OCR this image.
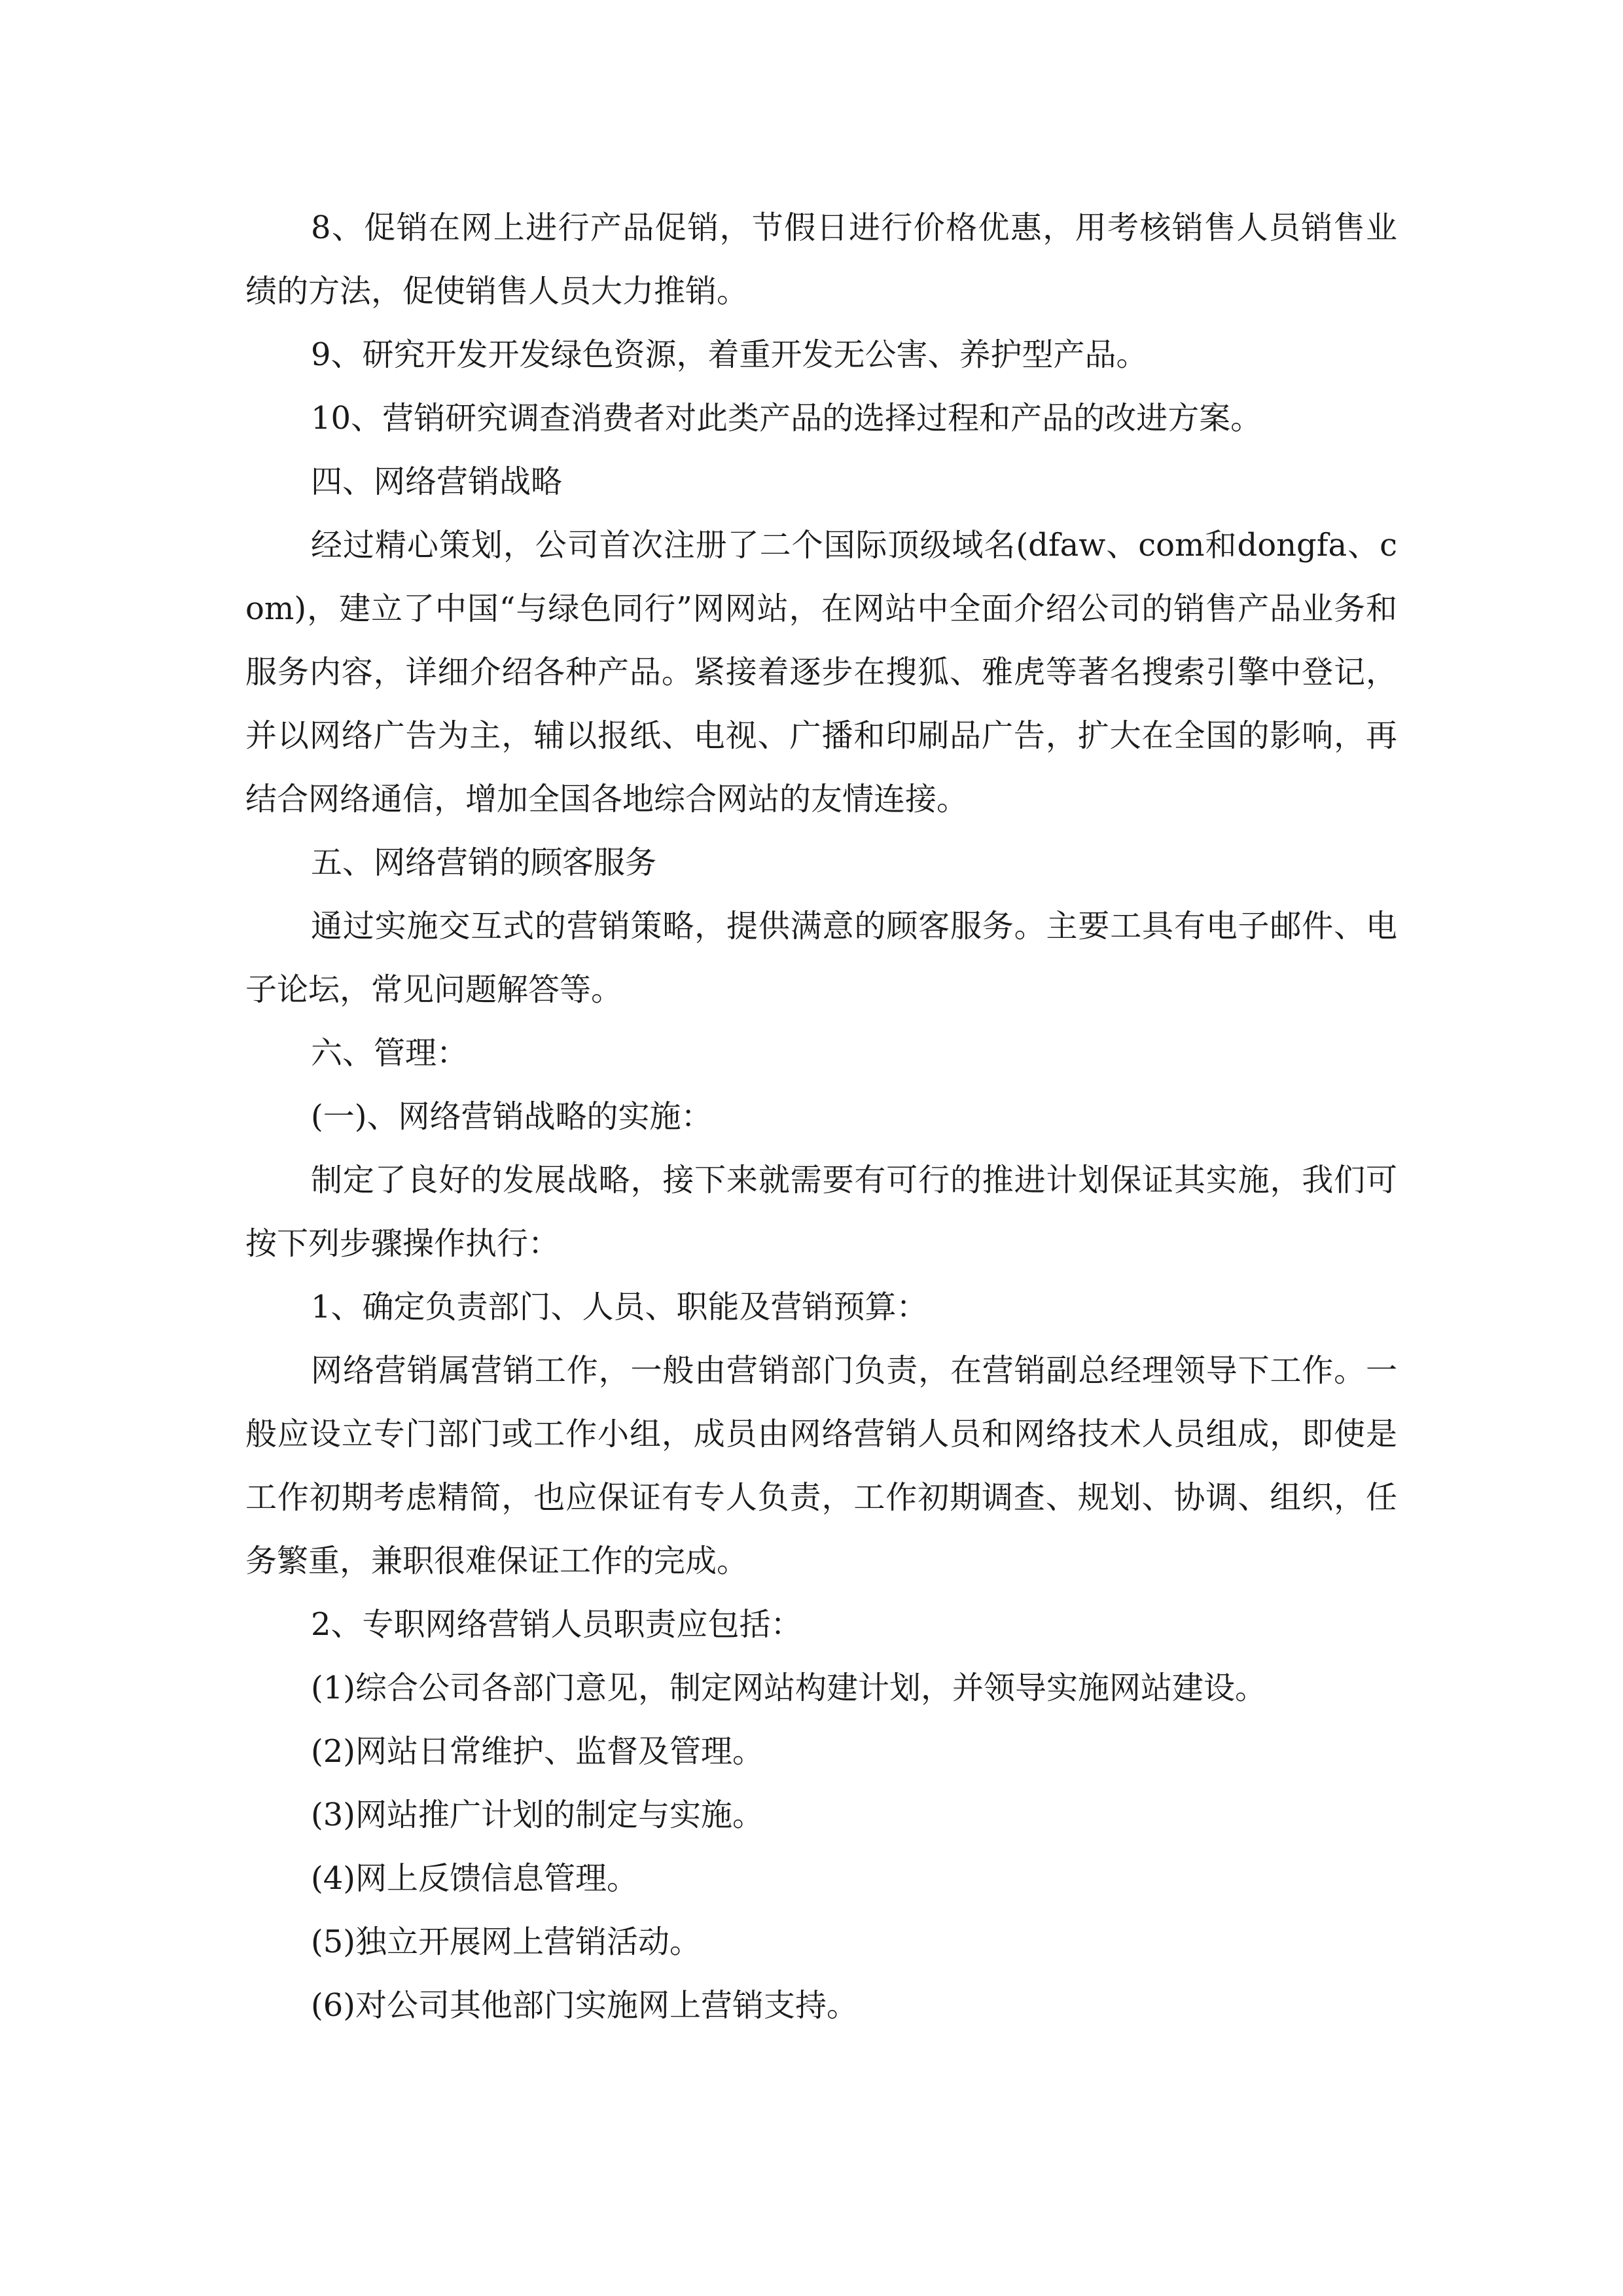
8、促销在网上进行产品促销，节假日进行价格优惠，用考核销售人员销售业绩的方法，促使销售人员大力推销。

9、研究开发开发绿色资源，着重开发无公害、养护型产品。

10、营销研究调查消费者对此类产品的选择过程和产品的改进方案。

四、网络营销战略

经过精心策划，公司首次注册了二个国际顶级域名(dfaw、com和dongfa、com)，建立了中国“与绿色同行”网网站，在网站中全面介绍公司的销售产品业务和服务内容，详细介绍各种产品。紧接着逐步在搜狐、雅虎等著名搜索引擎中登记，并以网络广告为主，辅以报纸、电视、广播和印刷品广告，扩大在全国的影响，再结合网络通信，增加全国各地综合网站的友情连接。

五、网络营销的顾客服务

通过实施交互式的营销策略，提供满意的顾客服务。主要工具有电子邮件、电子论坛，常见问题解答等。

六、管理：

(一)、网络营销战略的实施：

制定了良好的发展战略，接下来就需要有可行的推进计划保证其实施，我们可按下列步骤操作执行：

1、确定负责部门、人员、职能及营销预算：

网络营销属营销工作，一般由营销部门负责，在营销副总经理领导下工作。一般应设立专门部门或工作小组，成员由网络营销人员和网络技术人员组成，即使是工作初期考虑精简，也应保证有专人负责，工作初期调查、规划、协调、组织，任务繁重，兼职很难保证工作的完成。

2、专职网络营销人员职责应包括：

(1)综合公司各部门意见，制定网站构建计划，并领导实施网站建设。

(2)网站日常维护、监督及管理。

(3)网站推广计划的制定与实施。

(4)网上反馈信息管理。

(5)独立开展网上营销活动。

(6)对公司其他部门实施网上营销支持。
